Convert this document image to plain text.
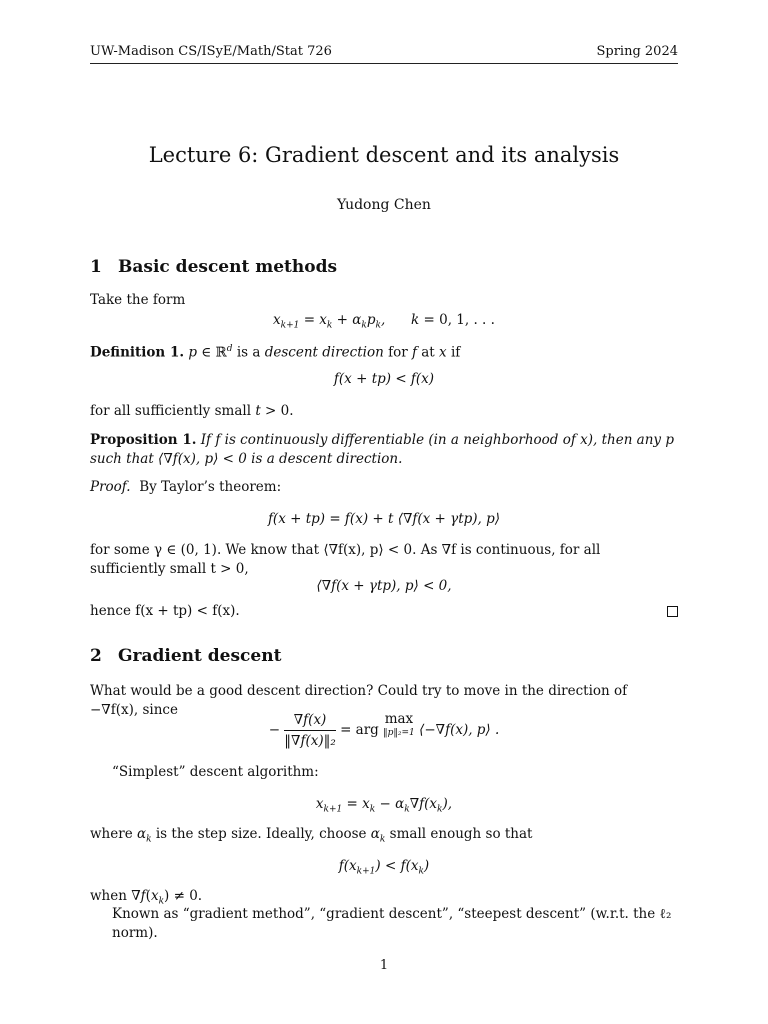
UW-Madison CS/ISyE/Math/Stat 726	Spring 2024
Lecture 6: Gradient descent and its analysis
Yudong Chen
1 Basic descent methods
Take the form
$x_{k+1} = x_k + \alpha_kp_k$,      k = 0, 1, . . .
Definition 1. p ∈ ℝ$^d$ is a descent direction for f at x if
f(x + tp) < f(x)
for all sufficiently small t > 0.
Proposition 1. If f is continuously differentiable (in a neighborhood of x), then any p such that ⟨∇f(x), p⟩ < 0 is a descent direction.
Proof. By Taylor’s theorem:
f(x + tp) = f(x) + t ⟨∇f(x + γtp), p⟩
for some γ ∈ (0, 1). We know that ⟨∇f(x), p⟩ < 0. As ∇f is continuous, for all sufficiently small t > 0,
⟨∇f(x + γtp), p⟩ < 0,
hence f(x + tp) < f(x).
2 Gradient descent
What would be a good descent direction? Could try to move in the direction of −∇f(x), since
− $\frac{\nabla f(x)}{\text{‖∇f(x)‖₂}}$ = arg max
‖p‖₂=1 ⟨−∇f(x), p⟩ .
“Simplest” descent algorithm:
$x_{k+1} = x_k - \alpha_k\nabla f(x_k)$,
where $\alpha_k$ is the step size. Ideally, choose $\alpha_k$ small enough so that
$f(x_{k+1}) < f(x_k)$
when $\nabla f(x_k) \ne 0$.
Known as “gradient method”, “gradient descent”, “steepest descent” (w.r.t. the ℓ₂ norm).
1
